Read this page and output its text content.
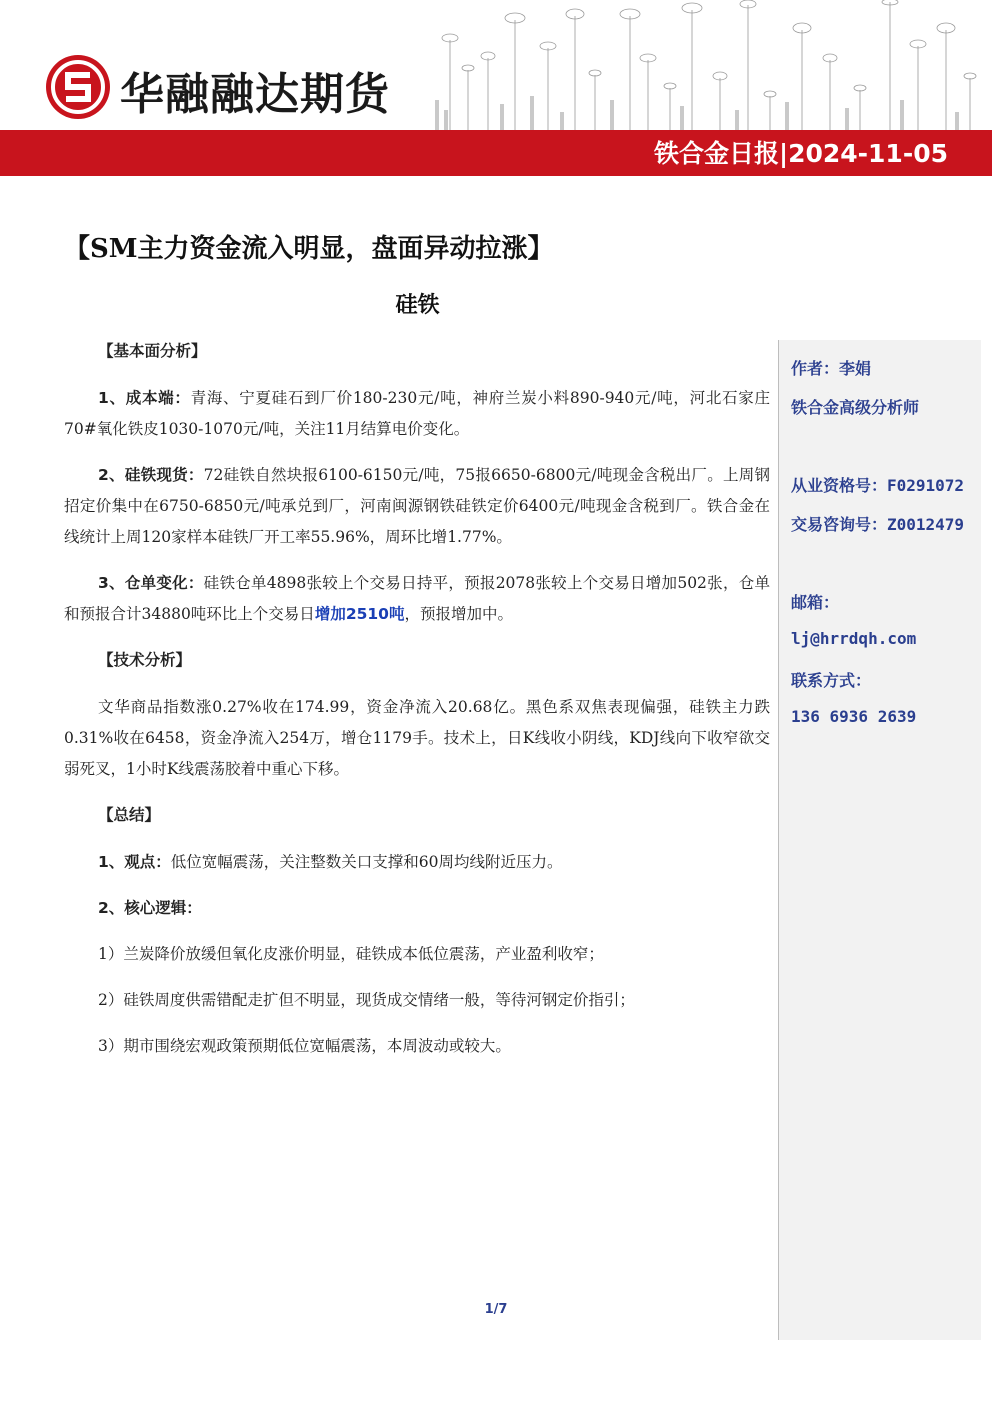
华融融达期货
铁合金日报|2024-11-05
【SM主力资金流入明显，盘面异动拉涨】
硅铁
【基本面分析】

1、成本端：青海、宁夏硅石到厂价180-230元/吨，神府兰炭小料890-940元/吨，河北石家庄70#氧化铁皮1030-1070元/吨，关注11月结算电价变化。

2、硅铁现货：72硅铁自然块报6100-6150元/吨，75报6650-6800元/吨现金含税出厂。上周钢招定价集中在6750-6850元/吨承兑到厂，河南闽源钢铁硅铁定价6400元/吨现金含税到厂。铁合金在线统计上周120家样本硅铁厂开工率55.96%，周环比增1.77%。

3、仓单变化：硅铁仓单4898张较上个交易日持平，预报2078张较上个交易日增加502张，仓单和预报合计34880吨环比上个交易日增加2510吨，预报增加中。

【技术分析】

文华商品指数涨0.27%收在174.99，资金净流入20.68亿。黑色系双焦表现偏强，硅铁主力跌0.31%收在6458，资金净流入254万，增仓1179手。技术上，日K线收小阴线，KDJ线向下收窄欲交弱死叉，1小时K线震荡胶着中重心下移。

【总结】

1、观点：低位宽幅震荡，关注整数关口支撑和60周均线附近压力。

2、核心逻辑：

1）兰炭降价放缓但氧化皮涨价明显，硅铁成本低位震荡，产业盈利收窄；
2）硅铁周度供需错配走扩但不明显，现货成交情绪一般，等待河钢定价指引；
3）期市围绕宏观政策预期低位宽幅震荡，本周波动或较大。
作者：李娟
铁合金高级分析师
从业资格号：F0291072
交易咨询号：Z0012479
邮箱：
lj@hrrdqh.com
联系方式：
136 6936 2639
1/7
